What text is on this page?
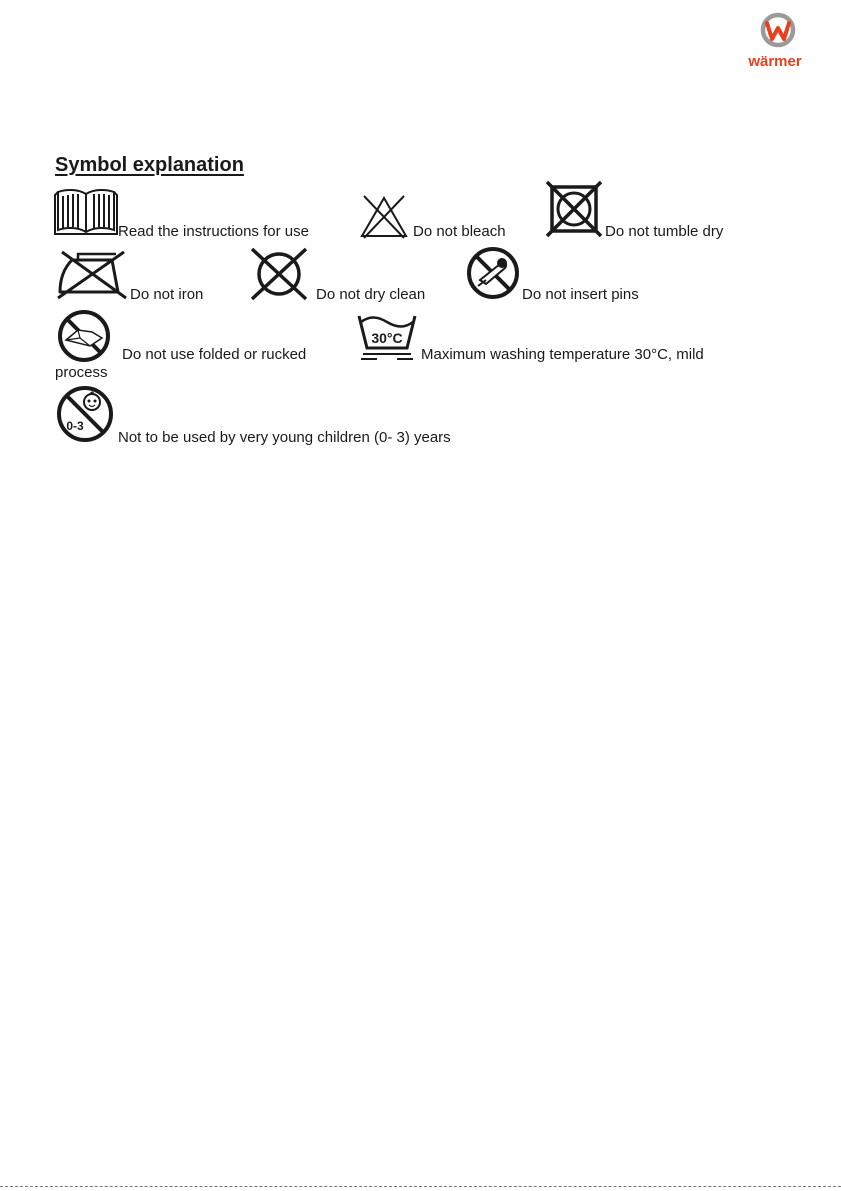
wärmer
Symbol explanation
Read the instructions for use	Do not bleach	Do not tumble dry
Do not iron	Do not dry clean	Do not insert pins
Do not use folded or rucked
30°C
Maximum washing temperature 30°C, mild
process
0-3
Not to be used by very young children (0- 3) years
